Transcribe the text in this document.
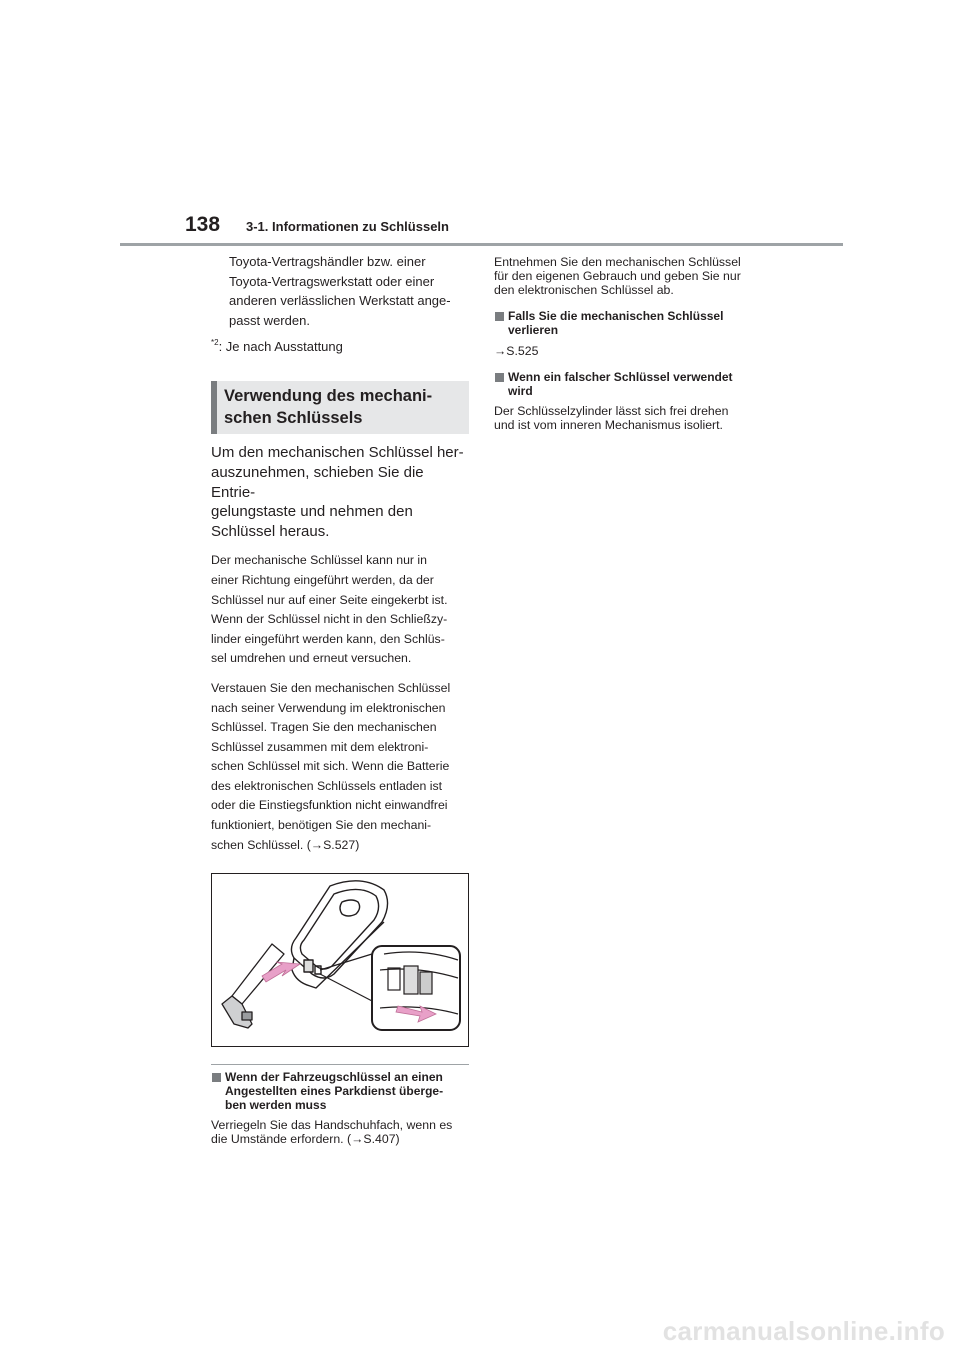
138 3-1. Informationen zu Schlüsseln

Toyota-Vertragshändler bzw. einer
Toyota-Vertragswerkstatt oder einer
anderen verlässlichen Werkstatt ange-
passt werden.

$^{*2}$: Je nach Ausstattung

Verwendung des mechani-
schen Schlüssels

Um den mechanischen Schlüssel her-
auszunehmen, schieben Sie die Entrie-
gelungstaste und nehmen den
Schlüssel heraus.

Der mechanische Schlüssel kann nur in
einer Richtung eingeführt werden, da der
Schlüssel nur auf einer Seite eingekerbt ist.
Wenn der Schlüssel nicht in den Schließzy-
linder eingeführt werden kann, den Schlüs-
sel umdrehen und erneut versuchen.

Verstauen Sie den mechanischen Schlüssel
nach seiner Verwendung im elektronischen
Schlüssel. Tragen Sie den mechanischen
Schlüssel zusammen mit dem elektroni-
schen Schlüssel mit sich. Wenn die Batterie
des elektronischen Schlüssels entladen ist
oder die Einstiegsfunktion nicht einwandfrei
funktioniert, benötigen Sie den mechani-
schen Schlüssel. (→S.527)

Wenn der Fahrzeugschlüssel an einen
Angestellten eines Parkdienst überge-
ben werden muss

Verriegeln Sie das Handschuhfach, wenn es
die Umstände erfordern. (→S.407)

Entnehmen Sie den mechanischen Schlüssel
für den eigenen Gebrauch und geben Sie nur
den elektronischen Schlüssel ab.

Falls Sie die mechanischen Schlüssel
verlieren

→S.525

Wenn ein falscher Schlüssel verwendet
wird

Der Schlüsselzylinder lässt sich frei drehen
und ist vom inneren Mechanismus isoliert.

carmanualsonline.info
